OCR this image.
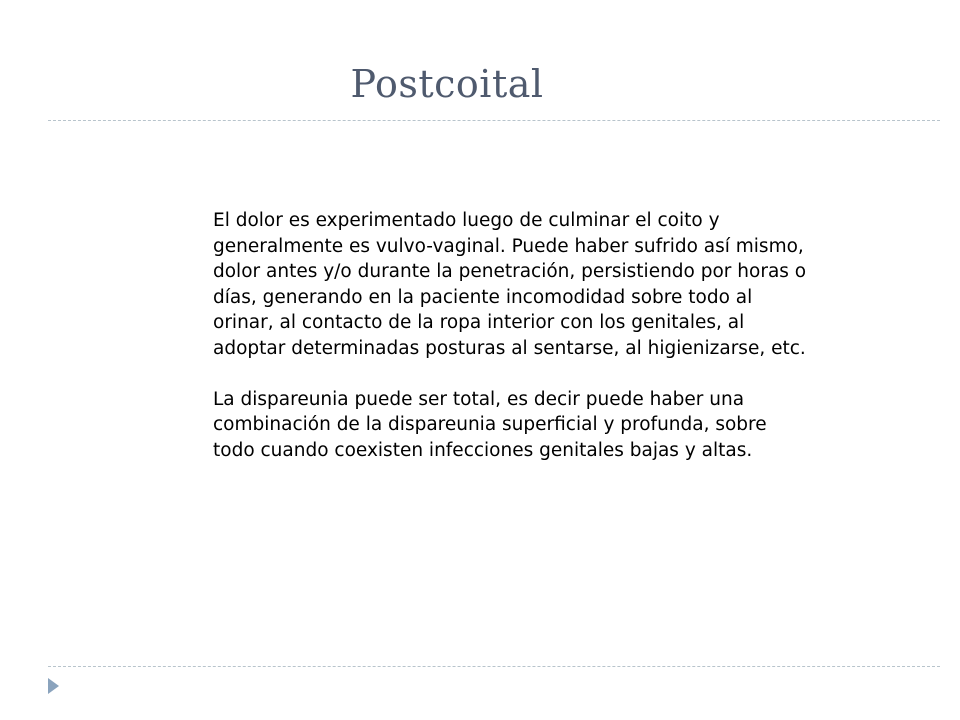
Postcoital

El dolor es experimentado luego de culminar el coito y generalmente es vulvo-vaginal. Puede haber sufrido así mismo, dolor antes y/o durante la penetración, persistiendo por horas o días, generando en la paciente incomodidad sobre todo al orinar, al contacto de la ropa interior con los genitales, al adoptar determinadas posturas al sentarse, al higienizarse, etc.

La dispareunia puede ser total, es decir puede haber una combinación de la dispareunia superficial y profunda, sobre todo cuando coexisten infecciones genitales bajas y altas.
